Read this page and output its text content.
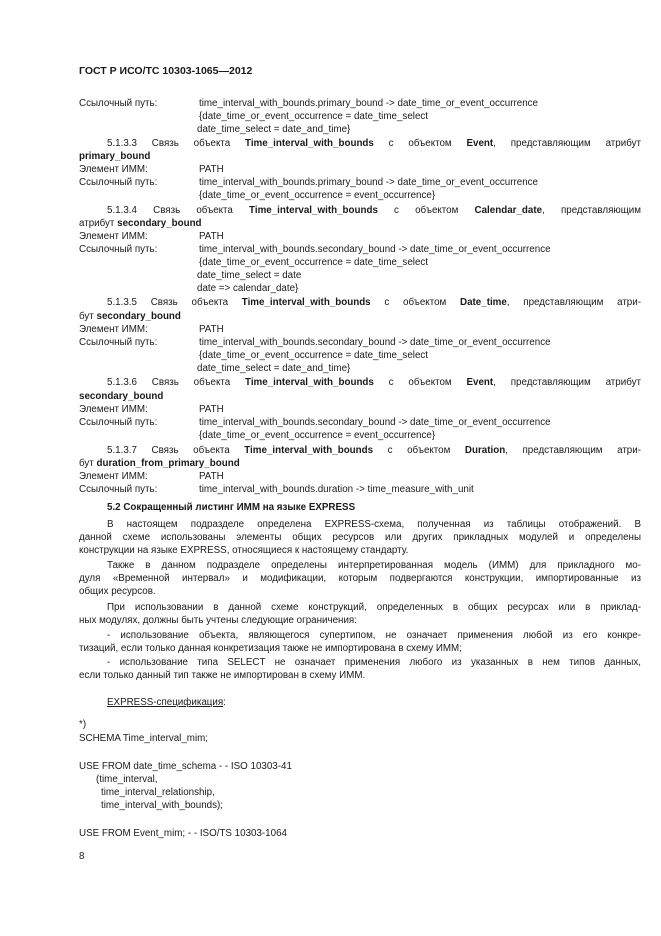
ГОСТ Р ИСО/ТС 10303-1065—2012
Ссылочный путь:	time_interval_with_bounds.primary_bound -> date_time_or_event_occurrence
{date_time_or_event_occurrence = date_time_select
date_time_select = date_and_time}
5.1.3.3 Связь объекта Time_interval_with_bounds с объектом Event, представляющим атрибут
primary_bound
Элемент ИММ:	PATH
Ссылочный путь:	time_interval_with_bounds.primary_bound -> date_time_or_event_occurrence
{date_time_or_event_occurrence = event_occurrence}
5.1.3.4 Связь объекта Time_interval_with_bounds с объектом Calendar_date, представляющим
атрибут secondary_bound
Элемент ИММ:	PATH
Ссылочный путь:	time_interval_with_bounds.secondary_bound -> date_time_or_event_occurrence
{date_time_or_event_occurrence = date_time_select
date_time_select = date
date => calendar_date}
5.1.3.5 Связь объекта Time_interval_with_bounds с объектом Date_time, представляющим атри-
бут secondary_bound
Элемент ИММ:	PATH
Ссылочный путь:	time_interval_with_bounds.secondary_bound -> date_time_or_event_occurrence
{date_time_or_event_occurrence = date_time_select
date_time_select = date_and_time}
5.1.3.6 Связь объекта Time_interval_with_bounds с объектом Event, представляющим атрибут
secondary_bound
Элемент ИММ:	PATH
Ссылочный путь:	time_interval_with_bounds.secondary_bound -> date_time_or_event_occurrence
{date_time_or_event_occurrence = event_occurrence}
5.1.3.7 Связь объекта Time_interval_with_bounds с объектом Duration, представляющим атри-
бут duration_from_primary_bound
Элемент ИММ:	PATH
Ссылочный путь:	time_interval_with_bounds.duration -> time_measure_with_unit
5.2 Сокращенный листинг ИММ на языке EXPRESS
В настоящем подразделе определена EXPRESS-схема, полученная из таблицы отображений. В
данной схеме использованы элементы общих ресурсов или других прикладных модулей и определены
конструкции на языке EXPRESS, относящиеся к настоящему стандарту.
Также в данном подразделе определены интерпретированная модель (ИММ) для прикладного мо-
дуля «Временной интервал» и модификации, которым подвергаются конструкции, импортированные из
общих ресурсов.
При использовании в данной схеме конструкций, определенных в общих ресурсах или в приклад-
ных модулях, должны быть учтены следующие ограничения:
- использование объекта, являющегося супертипом, не означает применения любой из его конкре-
тизаций, если только данная конкретизация также не импортирована в схему ИММ;
- использование типа SELECT не означает применения любого из указанных в нем типов данных,
если только данный тип также не импортирован в схему ИММ.
EXPRESS-спецификация:
*)
SCHEMA Time_interval_mim;
USE FROM date_time_schema - - ISO 10303-41
(time_interval,
time_interval_relationship,
time_interval_with_bounds);
USE FROM Event_mim; - - ISO/TS 10303-1064
8
